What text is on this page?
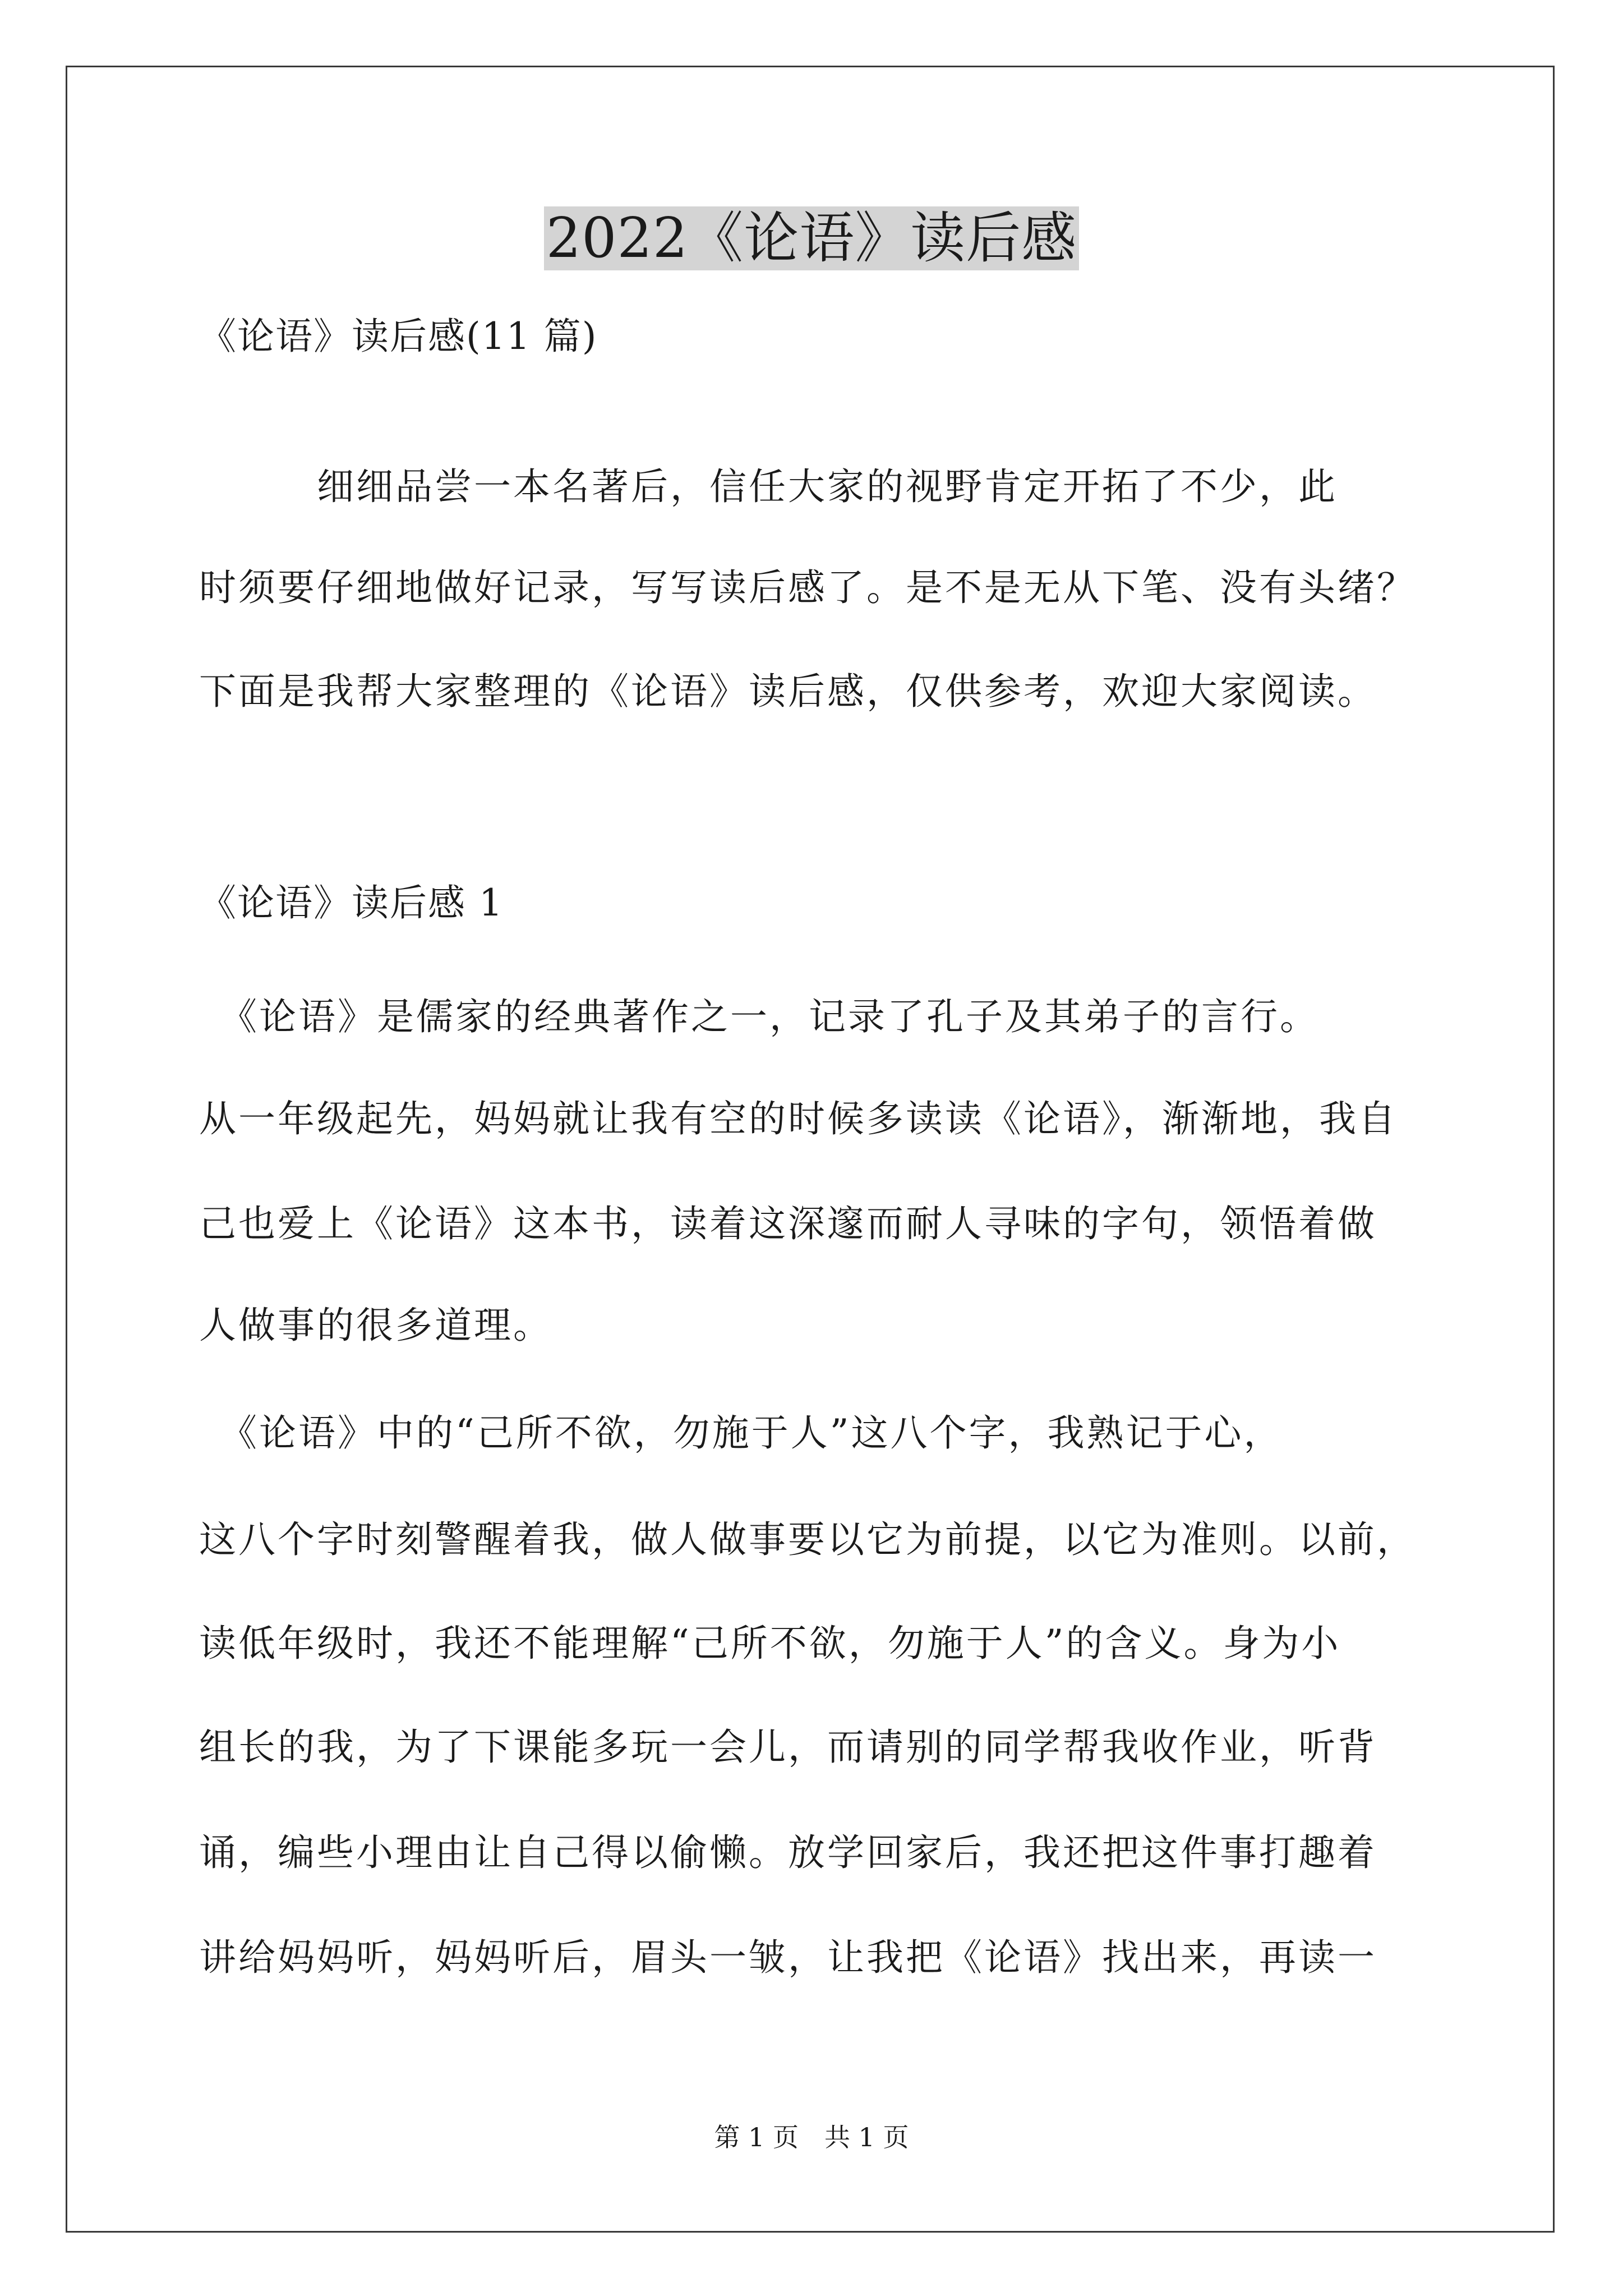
2022《论语》读后感
《论语》读后感(11 篇)
　　　细细品尝一本名著后，信任大家的视野肯定开拓了不少，此
时须要仔细地做好记录，写写读后感了。是不是无从下笔、没有头绪？
下面是我帮大家整理的《论语》读后感，仅供参考，欢迎大家阅读。
《论语》读后感 1
　《论语》是儒家的经典著作之一，记录了孔子及其弟子的言行。
从一年级起先，妈妈就让我有空的时候多读读《论语》，渐渐地，我自
己也爱上《论语》这本书，读着这深邃而耐人寻味的字句，领悟着做
人做事的很多道理。
　《论语》中的“己所不欲，勿施于人”这八个字，我熟记于心，
这八个字时刻警醒着我，做人做事要以它为前提，以它为准则。以前，
读低年级时，我还不能理解“己所不欲，勿施于人”的含义。身为小
组长的我，为了下课能多玩一会儿，而请别的同学帮我收作业，听背
诵，编些小理由让自己得以偷懒。放学回家后，我还把这件事打趣着
讲给妈妈听，妈妈听后，眉头一皱，让我把《论语》找出来，再读一
第 1 页　共 1 页
